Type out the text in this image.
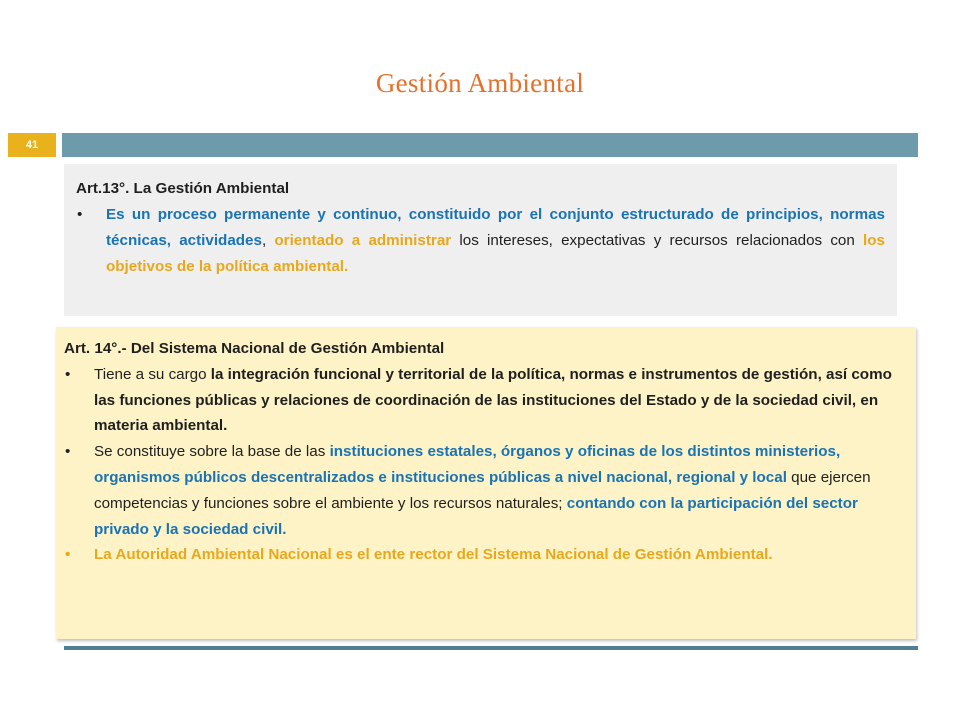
Gestión Ambiental
41

Art.13°. La Gestión Ambiental

• Es un proceso permanente y continuo, constituido por el conjunto estructurado de principios, normas técnicas, actividades, orientado a administrar los intereses, expectativas y recursos relacionados con los objetivos de la política ambiental.

Art. 14°.- Del Sistema Nacional de Gestión Ambiental

• Tiene a su cargo la integración funcional y territorial de la política, normas e instrumentos de gestión, así como las funciones públicas y relaciones de coordinación de las instituciones del Estado y de la sociedad civil, en materia ambiental.

• Se constituye sobre la base de las instituciones estatales, órganos y oficinas de los distintos ministerios, organismos públicos descentralizados e instituciones públicas a nivel nacional, regional y local que ejercen competencias y funciones sobre el ambiente y los recursos naturales; contando con la participación del sector privado y la sociedad civil.

• La Autoridad Ambiental Nacional es el ente rector del Sistema Nacional de Gestión Ambiental.
